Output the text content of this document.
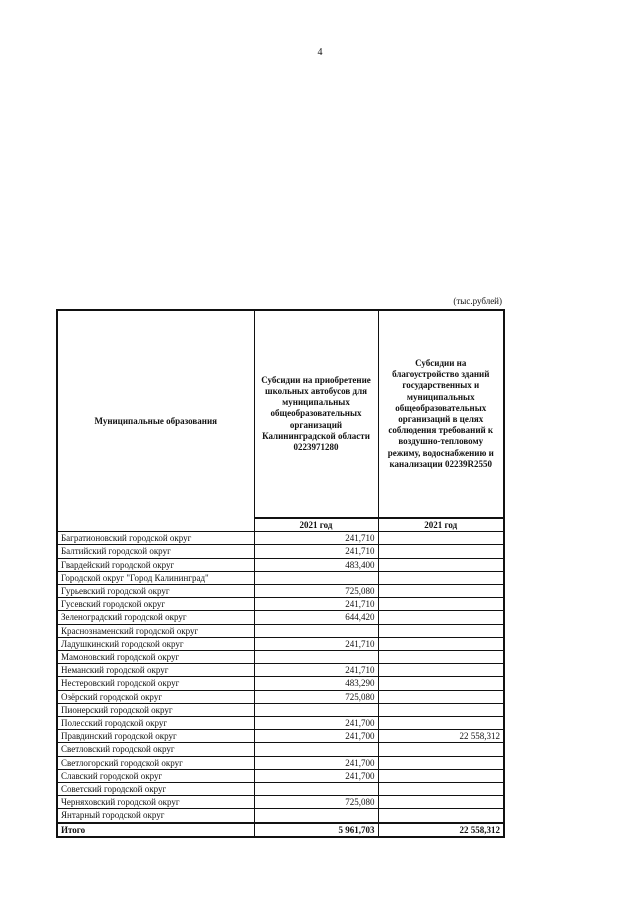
4
(тыс.рублей)
Муниципальные образования	Субсидии на приобретение школьных автобусов для муниципальных общеобразовательных организаций Калининградской области 0223971280	Субсидии на благоустройство зданий государственных и муниципальных общеобразовательных организаций в целях соблюдения требований к воздушно-тепловому режиму, водоснабжению и канализации 02239R2550

	2021 год	2021 год
Багратионовский городской округ	241,710	
Балтийский городской округ	241,710	
Гвардейский городской округ	483,400	
Городской округ "Город Калининград"		
Гурьевский городской округ	725,080	
Гусевский городской округ	241,710	
Зеленоградский городской округ	644,420	
Краснознаменский городской округ		
Ладушкинский городской округ	241,710	
Мамоновский городской округ		
Неманский городской округ	241,710	
Нестеровский городской округ	483,290	
Озёрский городской округ	725,080	
Пионерский городской округ		
Полесский городской округ	241,700	
Правдинский городской округ	241,700	22 558,312
Светловский городской округ		
Светлогорский городской округ	241,700	
Славский городской округ	241,700	
Советский городской округ		
Черняховский городской округ	725,080	
Янтарный городской округ		
Итого	5 961,703	22 558,312
